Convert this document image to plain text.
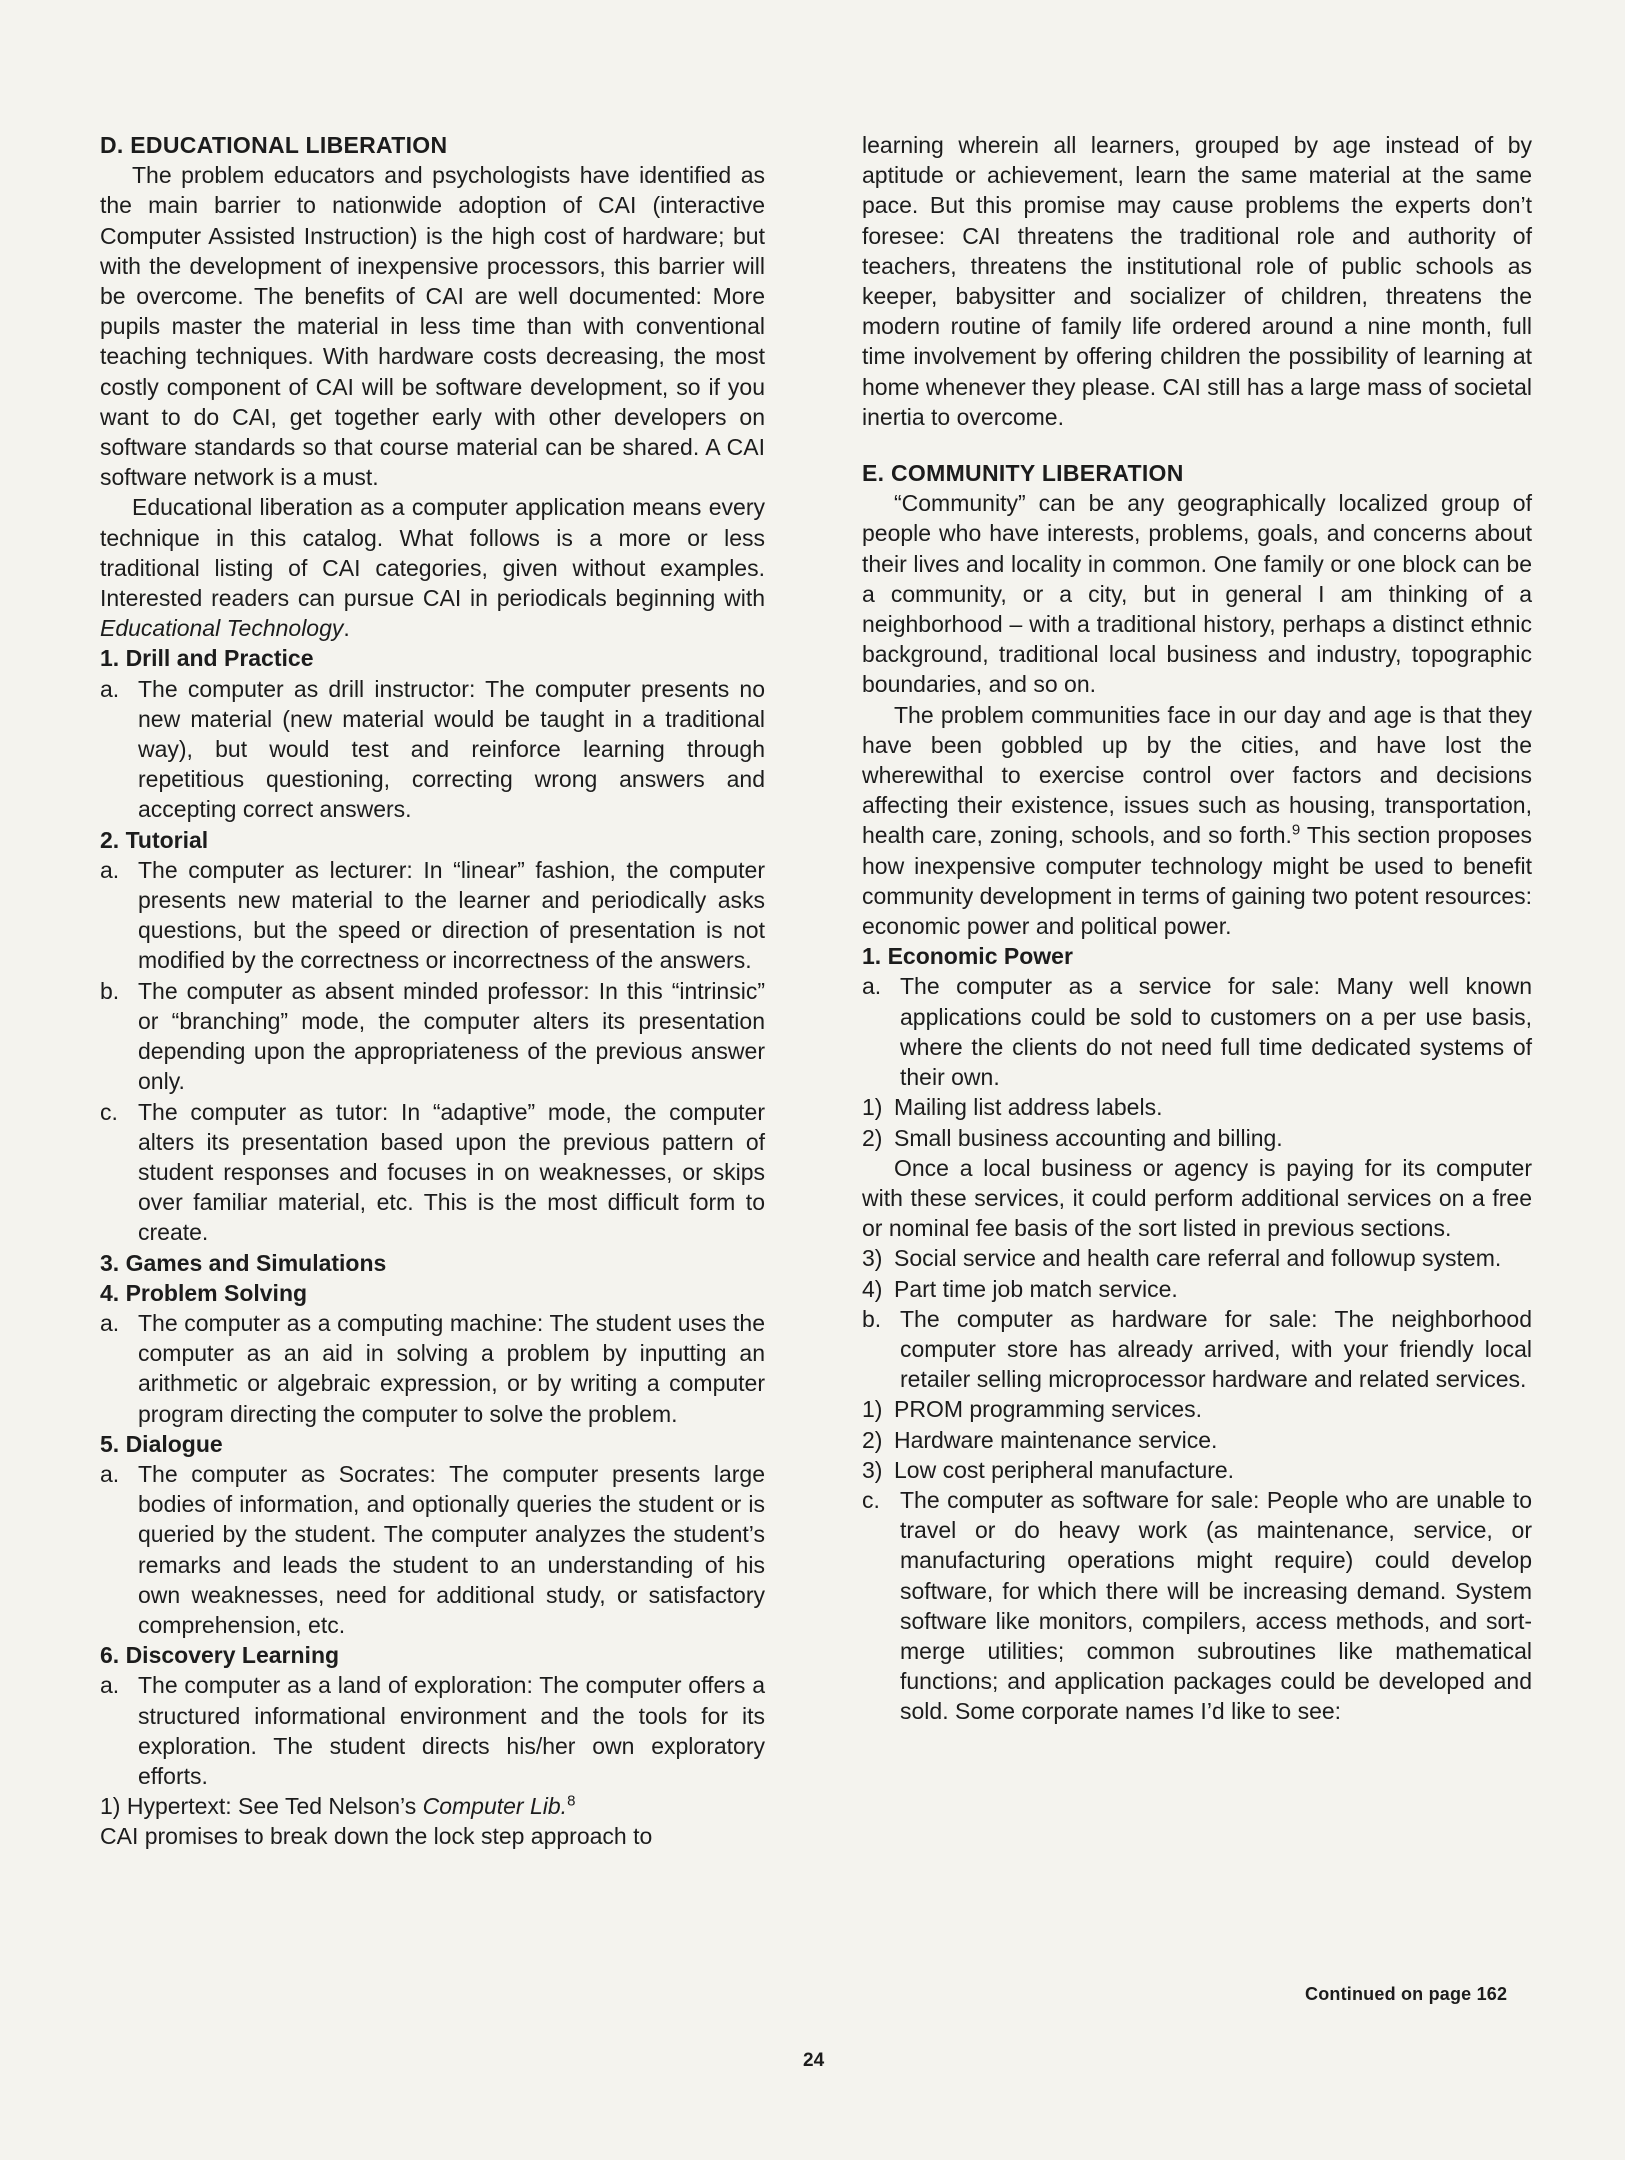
D. EDUCATIONAL LIBERATION

The problem educators and psychologists have identified as the main barrier to nationwide adoption of CAI (interactive Computer Assisted Instruction) is the high cost of hardware; but with the development of inexpensive processors, this barrier will be overcome. The benefits of CAI are well documented: More pupils master the material in less time than with conventional teaching techniques. With hardware costs decreasing, the most costly component of CAI will be software development, so if you want to do CAI, get together early with other developers on software standards so that course material can be shared. A CAI software network is a must.

Educational liberation as a computer application means every technique in this catalog. What follows is a more or less traditional listing of CAI categories, given without examples. Interested readers can pursue CAI in periodicals beginning with Educational Technology.

1. Drill and Practice

a. The computer as drill instructor: The computer presents no new material (new material would be taught in a traditional way), but would test and reinforce learning through repetitious questioning, correcting wrong answers and accepting correct answers.

2. Tutorial

a. The computer as lecturer: In “linear” fashion, the computer presents new material to the learner and periodically asks questions, but the speed or direction of presentation is not modified by the correctness or incorrectness of the answers.

b. The computer as absent minded professor: In this “intrinsic” or “branching” mode, the computer alters its presentation depending upon the appropriateness of the previous answer only.

c. The computer as tutor: In “adaptive” mode, the computer alters its presentation based upon the previous pattern of student responses and focuses in on weaknesses, or skips over familiar material, etc. This is the most difficult form to create.

3. Games and Simulations

4. Problem Solving

a. The computer as a computing machine: The student uses the computer as an aid in solving a problem by inputting an arithmetic or algebraic expression, or by writing a computer program directing the computer to solve the problem.

5. Dialogue

a. The computer as Socrates: The computer presents large bodies of information, and optionally queries the student or is queried by the student. The computer analyzes the student’s remarks and leads the student to an understanding of his own weaknesses, need for additional study, or satisfactory comprehension, etc.

6. Discovery Learning

a. The computer as a land of exploration: The computer offers a structured informational environment and the tools for its exploration. The student directs his/her own exploratory efforts.

1) Hypertext: See Ted Nelson’s Computer Lib.$^8$

CAI promises to break down the lock step approach to

learning wherein all learners, grouped by age instead of by aptitude or achievement, learn the same material at the same pace. But this promise may cause problems the experts don’t foresee: CAI threatens the traditional role and authority of teachers, threatens the institutional role of public schools as keeper, babysitter and socializer of children, threatens the modern routine of family life ordered around a nine month, full time involvement by offering children the possibility of learning at home whenever they please. CAI still has a large mass of societal inertia to overcome.

E. COMMUNITY LIBERATION

“Community” can be any geographically localized group of people who have interests, problems, goals, and concerns about their lives and locality in common. One family or one block can be a community, or a city, but in general I am thinking of a neighborhood – with a traditional history, perhaps a distinct ethnic background, traditional local business and industry, topographic boundaries, and so on.

The problem communities face in our day and age is that they have been gobbled up by the cities, and have lost the wherewithal to exercise control over factors and decisions affecting their existence, issues such as housing, transportation, health care, zoning, schools, and so forth.$^9$ This section proposes how inexpensive computer technology might be used to benefit community development in terms of gaining two potent resources: economic power and political power.

1. Economic Power

a. The computer as a service for sale: Many well known applications could be sold to customers on a per use basis, where the clients do not need full time dedicated systems of their own.

1) Mailing list address labels.

2) Small business accounting and billing.

Once a local business or agency is paying for its computer with these services, it could perform additional services on a free or nominal fee basis of the sort listed in previous sections.

3) Social service and health care referral and followup system.

4) Part time job match service.

b. The computer as hardware for sale: The neighborhood computer store has already arrived, with your friendly local retailer selling microprocessor hardware and related services.

1) PROM programming services.

2) Hardware maintenance service.

3) Low cost peripheral manufacture.

c. The computer as software for sale: People who are unable to travel or do heavy work (as maintenance, service, or manufacturing operations might require) could develop software, for which there will be increasing demand. System software like monitors, compilers, access methods, and sort-merge utilities; common subroutines like mathematical functions; and application packages could be developed and sold. Some corporate names I’d like to see:

Continued on page 162
24
